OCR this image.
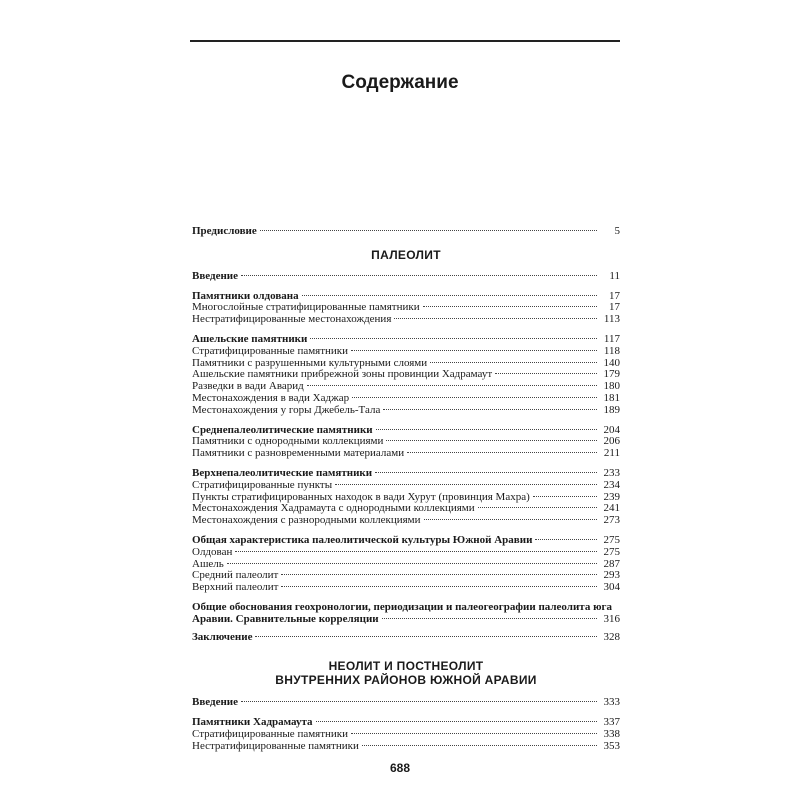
Содержание
Предисловие	5
ПАЛЕОЛИТ
Введение	11
Памятники олдована	17
Многослойные стратифицированные памятники	17
Нестратифицированные местонахождения	113
Ашельские памятники	117
Стратифицированные памятники	118
Памятники с разрушенными культурными слоями	140
Ашельские памятники прибрежной зоны провинции Хадрамаут	179
Разведки в вади Аварид	180
Местонахождения в вади Хаджар	181
Местонахождения у горы Джебель-Тала	189
Среднепалеолитические памятники	204
Памятники с однородными коллекциями	206
Памятники с разновременными материалами	211
Верхнепалеолитические памятники	233
Стратифицированные пункты	234
Пункты стратифицированных находок в вади Хурут (провинция Махра)	239
Местонахождения Хадрамаута с однородными коллекциями	241
Местонахождения с разнородными коллекциями	273
Общая характеристика палеолитической культуры Южной Аравии	275
Олдован	275
Ашель	287
Средний палеолит	293
Верхний палеолит	304
Общие обоснования геохронологии, периодизации и палеогеографии палеолита юга
Аравии. Сравнительные корреляции	316
Заключение	328
НЕОЛИТ И ПОСТНЕОЛИТ
ВНУТРЕННИХ РАЙОНОВ ЮЖНОЙ АРАВИИ
Введение	333
Памятники Хадрамаута	337
Стратифицированные памятники	338
Нестратифицированные памятники	353
688
